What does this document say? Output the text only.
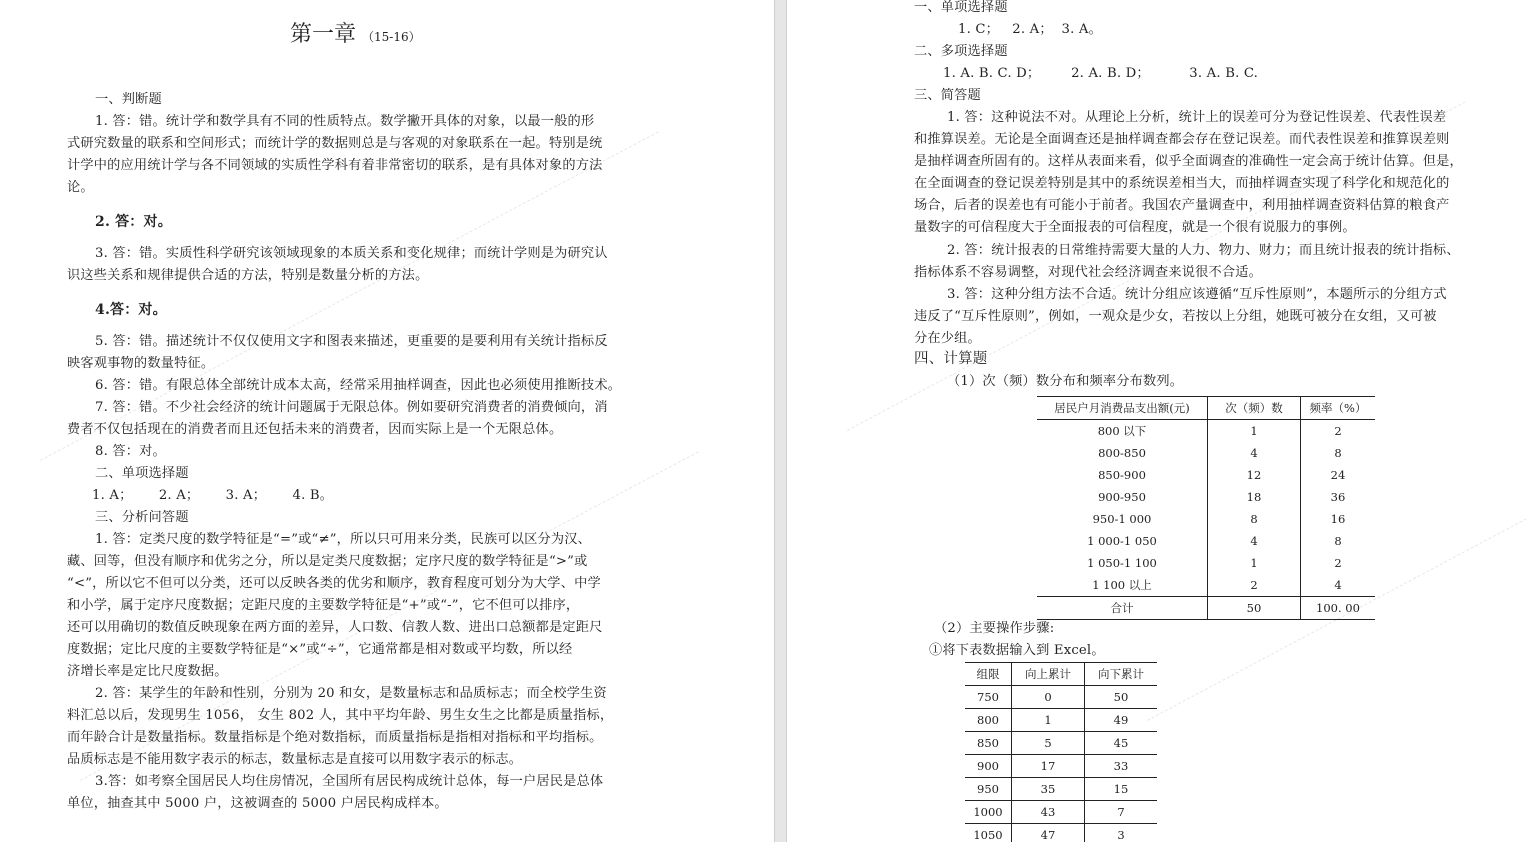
第一章 （15-16）
一、判断题
1. 答：错。统计学和数学具有不同的性质特点。数学撇开具体的对象，以最一般的形
式研究数量的联系和空间形式；而统计学的数据则总是与客观的对象联系在一起。特别是统
计学中的应用统计学与各不同领域的实质性学科有着非常密切的联系，是有具体对象的方法
论。
2. 答：对。
3. 答：错。实质性科学研究该领域现象的本质关系和变化规律；而统计学则是为研究认
识这些关系和规律提供合适的方法，特别是数量分析的方法。
4.答：对。
5. 答：错。描述统计不仅仅使用文字和图表来描述，更重要的是要利用有关统计指标反
映客观事物的数量特征。
6. 答：错。有限总体全部统计成本太高，经常采用抽样调查，因此也必须使用推断技术。
7. 答：错。不少社会经济的统计问题属于无限总体。例如要研究消费者的消费倾向，消
费者不仅包括现在的消费者而且还包括未来的消费者，因而实际上是一个无限总体。
8. 答：对。
二、单项选择题
1. A；      2. A；      3. A；      4. B。
三、分析问答题
1. 答：定类尺度的数学特征是“=”或“≠”，所以只可用来分类，民族可以区分为汉、
藏、回等，但没有顺序和优劣之分，所以是定类尺度数据；定序尺度的数学特征是“>”或
“<”，所以它不但可以分类，还可以反映各类的优劣和顺序，教育程度可划分为大学、中学
和小学，属于定序尺度数据；定距尺度的主要数学特征是“+”或“-”，它不但可以排序，
还可以用确切的数值反映现象在两方面的差异，人口数、信教人数、进出口总额都是定距尺
度数据；定比尺度的主要数学特征是“×”或“÷”，它通常都是相对数或平均数，所以经
济增长率是定比尺度数据。
2. 答：某学生的年龄和性别，分别为 20 和女，是数量标志和品质标志；而全校学生资
料汇总以后，发现男生 1056， 女生 802 人，其中平均年龄、男生女生之比都是质量指标，
而年龄合计是数量指标。数量指标是个绝对数指标，而质量指标是指相对指标和平均指标。
品质标志是不能用数字表示的标志，数量标志是直接可以用数字表示的标志。
3.答：如考察全国居民人均住房情况，全国所有居民构成统计总体，每一户居民是总体
单位，抽查其中 5000 户，这被调查的 5000 户居民构成样本。
一、单项选择题
1. C；   2. A；  3. A。
二、多项选择题
1. A. B. C. D；       2. A. B. D；         3. A. B. C.
三、简答题
1. 答：这种说法不对。从理论上分析，统计上的误差可分为登记性误差、代表性误差
和推算误差。无论是全面调查还是抽样调查都会存在登记误差。而代表性误差和推算误差则
是抽样调查所固有的。这样从表面来看，似乎全面调查的准确性一定会高于统计估算。但是，
在全面调查的登记误差特别是其中的系统误差相当大，而抽样调查实现了科学化和规范化的
场合，后者的误差也有可能小于前者。我国农产量调查中，利用抽样调查资料估算的粮食产
量数字的可信程度大于全面报表的可信程度，就是一个很有说服力的事例。
2. 答：统计报表的日常维持需要大量的人力、物力、财力；而且统计报表的统计指标、
指标体系不容易调整，对现代社会经济调查来说很不合适。
3. 答：这种分组方法不合适。统计分组应该遵循“互斥性原则”，本题所示的分组方式
违反了“互斥性原则”，例如，一观众是少女，若按以上分组，她既可被分在女组，又可被
分在少组。
四、计算题
（1）次（频）数分布和频率分布数列。
居民户月消费品支出额(元)	次（频）数	频率（%）
800 以下	1	2
800-850	4	8
850-900	12	24
900-950	18	36
950-1 000	8	16
1 000-1 050	4	8
1 050-1 100	1	2
1 100 以上	2	4
合计	50	100. 00
（2）主要操作步骤:
①将下表数据输入到 Excel。
组限	向上累计	向下累计
750	0	50
800	1	49
850	5	45
900	17	33
950	35	15
1000	43	7
1050	47	3
